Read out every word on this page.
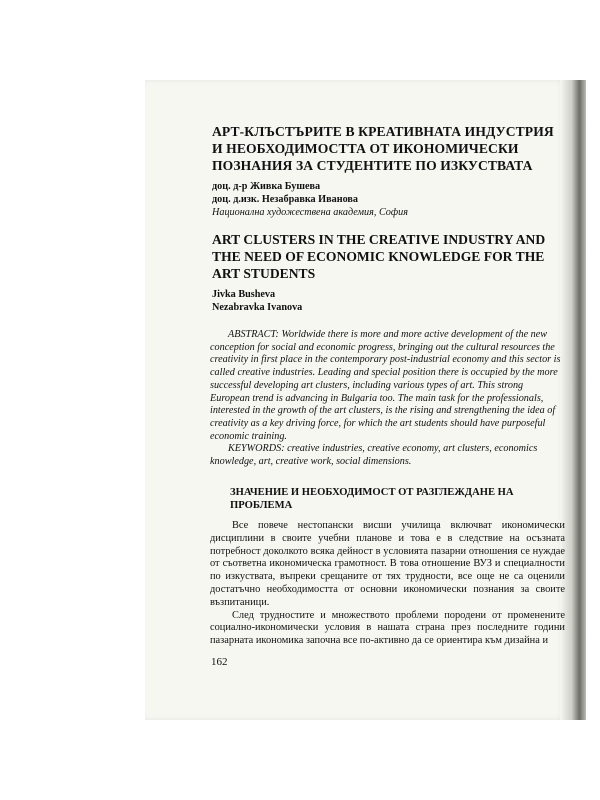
АРТ-КЛЪСТЪРИТЕ В КРЕАТИВНАТА ИНДУСТРИЯ И НЕОБХОДИМОСТТА ОТ ИКОНОМИЧЕСКИ ПОЗНАНИЯ ЗА СТУДЕНТИТЕ ПО ИЗКУСТВАТА
доц. д-р Живка Бушева
доц. д.изк. Незабравка Иванова
Национална художествена академия, София
ART CLUSTERS IN THE CREATIVE INDUSTRY AND THE NEED OF ECONOMIC KNOWLEDGE FOR THE ART STUDENTS
Jivka Busheva
Nezabravka Ivanova

ABSTRACT: Worldwide there is more and more active development of the new conception for social and economic progress, bringing out the cultural resources the creativity in first place in the contemporary post-industrial economy and this sector is called creative industries. Leading and special position there is occupied by the more successful developing art clusters, including various types of art. This strong European trend is advancing in Bulgaria too. The main task for the professionals, interested in the growth of the art clusters, is the rising and strengthening the idea of creativity as a key driving force, for which the art students should have purposeful economic training.

KEYWORDS: creative industries, creative economy, art clusters, economics knowledge, art, creative work, social dimensions.

ЗНАЧЕНИЕ И НЕОБХОДИМОСТ ОТ РАЗГЛЕЖДАНЕ НА ПРОБЛЕМА

Все повече нестопански висши училища включват икономически дисциплини в своите учебни планове и това е в следствие на осъзната потребност доколкото всяка дейност в условията пазарни отношения се нуждае от съответна икономическа грамотност. В това отношение ВУЗ и специалности по изкуствата, въпреки срещаните от тях трудности, все още не са оценили достатъчно необходимостта от основни икономически познания за своите възпитаници.

След трудностите и множеството проблеми породени от променените социално-икономически условия в нашата страна през последните години пазарната икономика започна все по-активно да се ориентира към дизайна и

162
